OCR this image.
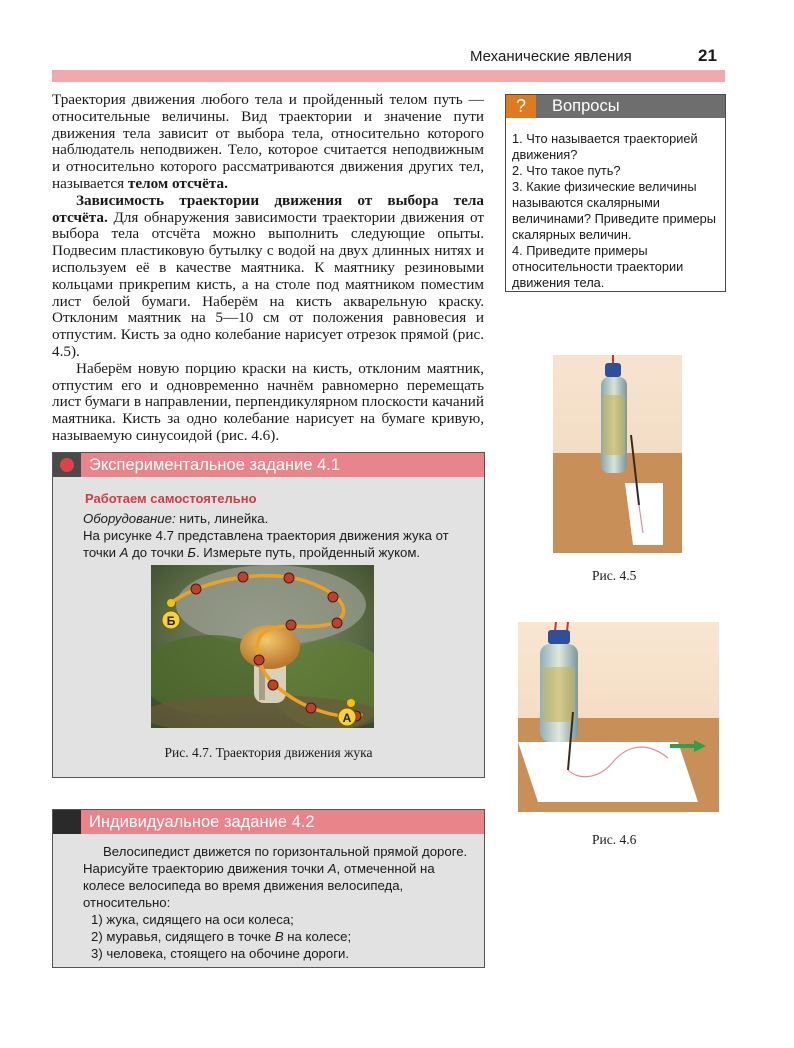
Механические явления	21

Траектория движения любого тела и пройденный телом путь — относительные величины. Вид траектории и значение пути движения тела зависит от выбора тела, относительно которого наблюдатель неподвижен. Тело, которое считается неподвижным и относительно которого рассматриваются движения других тел, называется телом отсчёта.

Зависимость траектории движения от выбора тела отсчёта. Для обнаружения зависимости траектории движения от выбора тела отсчёта можно выполнить следующие опыты. Подвесим пластиковую бутылку с водой на двух длинных нитях и используем её в качестве маятника. К маятнику резиновыми кольцами прикрепим кисть, а на столе под маятником поместим лист белой бумаги. Наберём на кисть акварельную краску. Отклоним маятник на 5—10 см от положения равновесия и отпустим. Кисть за одно колебание нарисует отрезок прямой (рис. 4.5).

Наберём новую порцию краски на кисть, отклоним маятник, отпустим его и одновременно начнём равномерно перемещать лист бумаги в направлении, перпендикулярном плоскости качаний маятника. Кисть за одно колебание нарисует на бумаге кривую, называемую синусоидой (рис. 4.6).

?	Вопросы
1. Что называется траекторией движения?
2. Что такое путь?
3. Какие физические величины называются скалярными величинами? Приведите примеры скалярных величин.
4. Приведите примеры относительности траектории движения тела.
Экспериментальное задание 4.1
Работаем самостоятельно

Оборудование: нить, линейка.

На рисунке 4.7 представлена траектория движения жука от точки А до точки Б. Измерьте путь, пройденный жуком.

Б
А
Рис. 4.7. Траектория движения жука
Индивидуальное задание 4.2

Велосипедист движется по горизонтальной прямой дороге. Нарисуйте траекторию движения точки А, отмеченной на колесе велосипеда во время движения велосипеда, относительно:

1) жука, сидящего на оси колеса;
2) муравья, сидящего в точке В на колесе;
3) человека, стоящего на обочине дороги.
Рис. 4.5
Рис. 4.6
